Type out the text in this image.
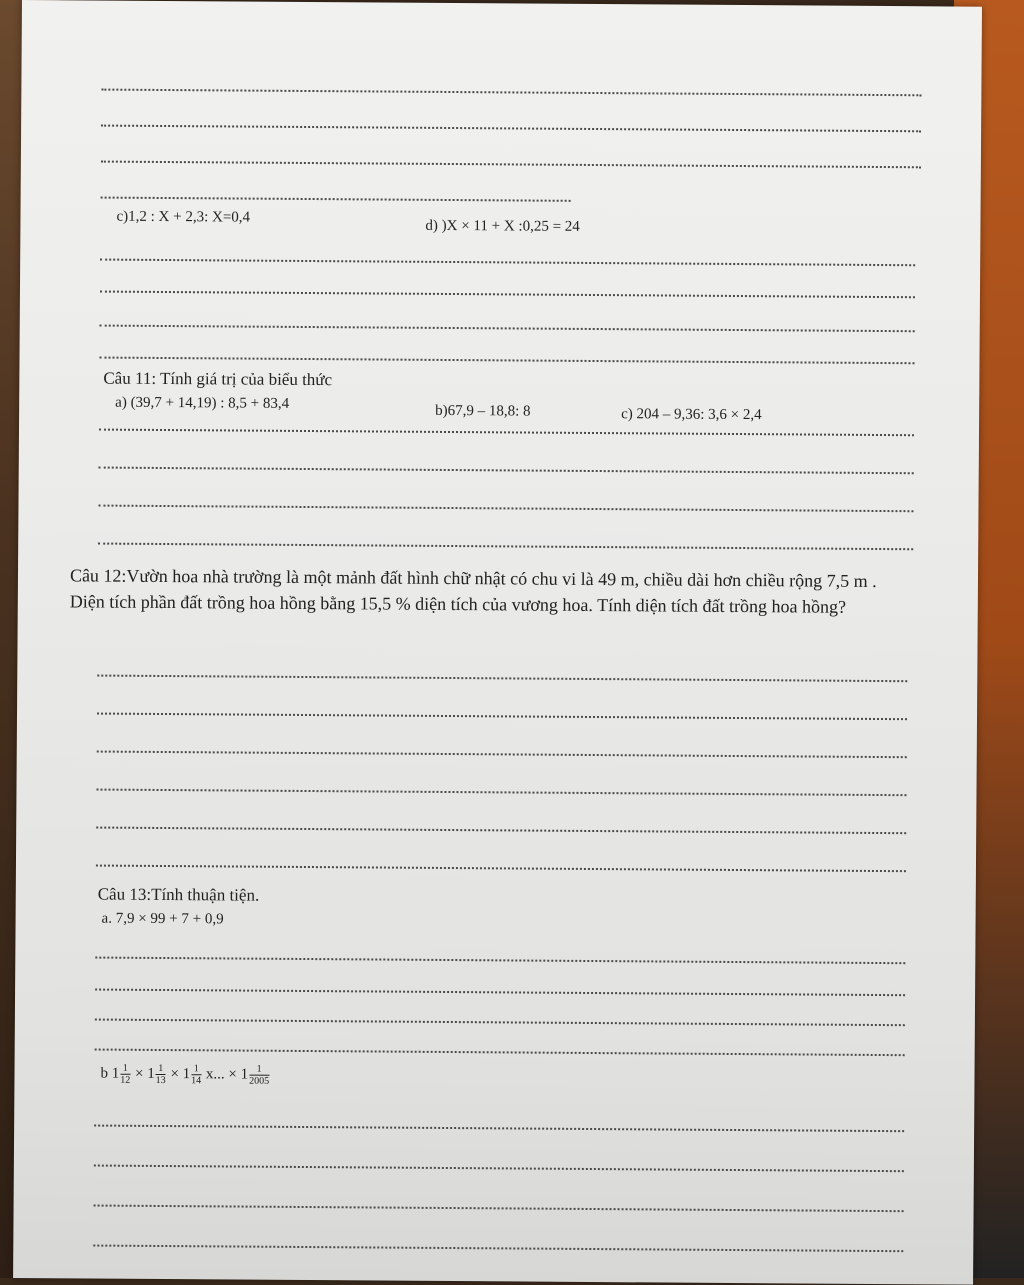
c)1,2 : X + 2,3: X=0,4
d) )X × 11 + X :0,25 = 24
Câu 11: Tính giá trị của biểu thức
a) (39,7 + 14,19) : 8,5 + 83,4	b)67,9 – 18,8: 8	c) 204 – 9,36: 3,6 × 2,4
Câu 12:Vườn hoa nhà trường là một mảnh đất hình chữ nhật có chu vi là 49 m, chiều dài hơn chiều rộng 7,5 m . Diện tích phần đất trồng hoa hồng bằng 15,5 % diện tích của vương hoa. Tính diện tích đất trồng hoa hồng?
Câu 13:Tính thuận tiện.
a. 7,9 × 99 + 7 + 0,9
b $1 \frac{1}{12} \times 1 \frac{1}{13} \times 1 \frac{1}{14} x$... × $1 \frac{1}{2005}$
